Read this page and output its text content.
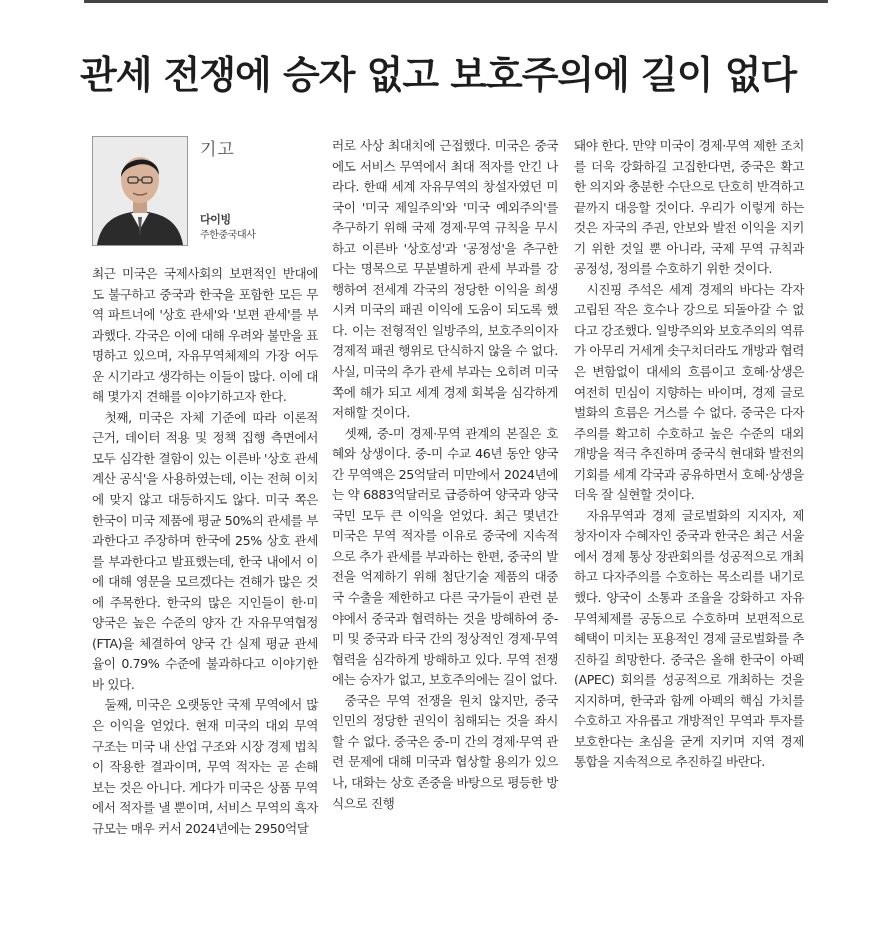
관세 전쟁에 승자 없고 보호주의에 길이 없다
기고
다이빙
주한중국대사

최근 미국은 국제사회의 보편적인 반대에도 불구하고 중국과 한국을 포함한 모든 무역 파트너에 '상호 관세'와 '보편 관세'를 부과했다. 각국은 이에 대해 우려와 불만을 표명하고 있으며, 자유무역체제의 가장 어두운 시기라고 생각하는 이들이 많다. 이에 대해 몇가지 견해를 이야기하고자 한다.

첫째, 미국은 자체 기준에 따라 이론적 근거, 데이터 적용 및 정책 집행 측면에서 모두 심각한 결함이 있는 이른바 '상호 관세 계산 공식'을 사용하였는데, 이는 전혀 이치에 맞지 않고 대등하지도 않다. 미국 쪽은 한국이 미국 제품에 평균 50%의 관세를 부과한다고 주장하며 한국에 25% 상호 관세를 부과한다고 발표했는데, 한국 내에서 이에 대해 영문을 모르겠다는 견해가 많은 것에 주목한다. 한국의 많은 지인들이 한·미 양국은 높은 수준의 양자 간 자유무역협정(FTA)을 체결하여 양국 간 실제 평균 관세율이 0.79% 수준에 불과하다고 이야기한 바 있다.

둘째, 미국은 오랫동안 국제 무역에서 많은 이익을 얻었다. 현재 미국의 대외 무역 구조는 미국 내 산업 구조와 시장 경제 법칙이 작용한 결과이며, 무역 적자는 곧 손해 보는 것은 아니다. 게다가 미국은 상품 무역에서 적자를 낼 뿐이며, 서비스 무역의 흑자 규모는 매우 커서 2024년에는 2950억달

러로 사상 최대치에 근접했다. 미국은 중국에도 서비스 무역에서 최대 적자를 안긴 나라다. 한때 세계 자유무역의 창설자였던 미국이 '미국 제일주의'와 '미국 예외주의'를 추구하기 위해 국제 경제·무역 규칙을 무시하고 이른바 '상호성'과 '공정성'을 추구한다는 명목으로 무분별하게 관세 부과를 강행하여 전세계 각국의 정당한 이익을 희생시켜 미국의 패권 이익에 도움이 되도록 했다. 이는 전형적인 일방주의, 보호주의이자 경제적 패권 행위로 단식하지 않을 수 없다. 사실, 미국의 추가 관세 부과는 오히려 미국 쪽에 해가 되고 세계 경제 회복을 심각하게 저해할 것이다.

셋째, 중-미 경제·무역 관계의 본질은 호혜와 상생이다. 중-미 수교 46년 동안 양국 간 무역액은 25억달러 미만에서 2024년에는 약 6883억달러로 급증하여 양국과 양국 국민 모두 큰 이익을 얻었다. 최근 몇년간 미국은 무역 적자를 이유로 중국에 지속적으로 추가 관세를 부과하는 한편, 중국의 발전을 억제하기 위해 첨단기술 제품의 대중국 수출을 제한하고 다른 국가들이 관련 분야에서 중국과 협력하는 것을 방해하여 중-미 및 중국과 타국 간의 정상적인 경제·무역 협력을 심각하게 방해하고 있다. 무역 전쟁에는 승자가 없고, 보호주의에는 길이 없다.

중국은 무역 전쟁을 원치 않지만, 중국 인민의 정당한 권익이 침해되는 것을 좌시할 수 없다. 중국은 중-미 간의 경제·무역 관련 문제에 대해 미국과 협상할 용의가 있으나, 대화는 상호 존중을 바탕으로 평등한 방식으로 진행

돼야 한다. 만약 미국이 경제·무역 제한 조치를 더욱 강화하길 고집한다면, 중국은 확고한 의지와 충분한 수단으로 단호히 반격하고 끝까지 대응할 것이다. 우리가 이렇게 하는 것은 자국의 주권, 안보와 발전 이익을 지키기 위한 것일 뿐 아니라, 국제 무역 규칙과 공정성, 정의를 수호하기 위한 것이다.

시진핑 주석은 세계 경제의 바다는 각자 고립된 작은 호수나 강으로 되돌아갈 수 없다고 강조했다. 일방주의와 보호주의의 역류가 아무리 거세게 솟구치더라도 개방과 협력은 변함없이 대세의 흐름이고 호혜·상생은 여전히 민심이 지향하는 바이며, 경제 글로벌화의 흐름은 거스를 수 없다. 중국은 다자주의를 확고히 수호하고 높은 수준의 대외 개방을 적극 추진하며 중국식 현대화 발전의 기회를 세계 각국과 공유하면서 호혜·상생을 더욱 잘 실현할 것이다.

자유무역과 경제 글로벌화의 지지자, 제창자이자 수혜자인 중국과 한국은 최근 서울에서 경제 통상 장관회의를 성공적으로 개최하고 다자주의를 수호하는 목소리를 내기로 했다. 양국이 소통과 조율을 강화하고 자유무역체제를 공동으로 수호하며 보편적으로 혜택이 미치는 포용적인 경제 글로벌화를 추진하길 희망한다. 중국은 올해 한국이 아펙(APEC) 회의를 성공적으로 개최하는 것을 지지하며, 한국과 함께 아펙의 핵심 가치를 수호하고 자유롭고 개방적인 무역과 투자를 보호한다는 초심을 굳게 지키며 지역 경제 통합을 지속적으로 추진하길 바란다.
